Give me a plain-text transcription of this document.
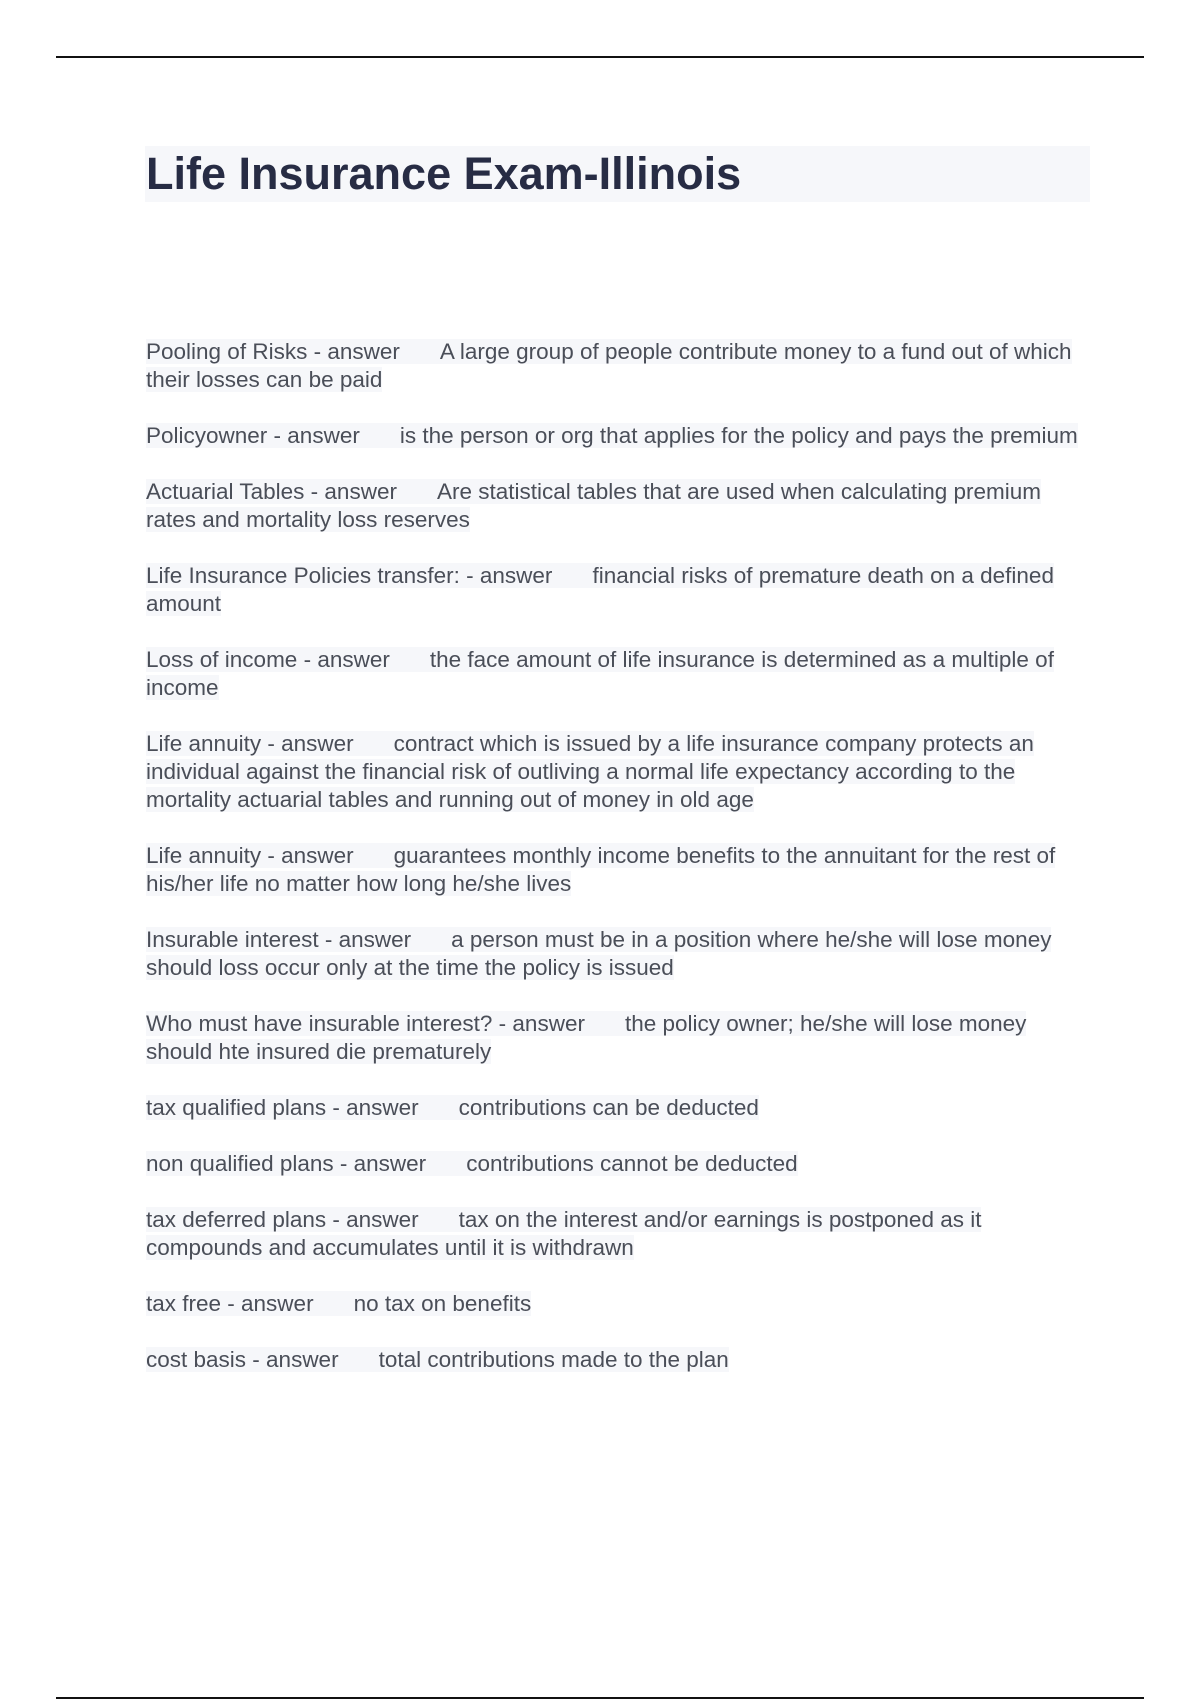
Life Insurance Exam-Illinois

Pooling of Risks - answer A large group of people contribute money to a fund out of which their losses can be paid

Policyowner - answer is the person or org that applies for the policy and pays the premium

Actuarial Tables - answer Are statistical tables that are used when calculating premium rates and mortality loss reserves

Life Insurance Policies transfer: - answer financial risks of premature death on a defined amount

Loss of income - answer the face amount of life insurance is determined as a multiple of income

Life annuity - answer contract which is issued by a life insurance company protects an individual against the financial risk of outliving a normal life expectancy according to the mortality actuarial tables and running out of money in old age

Life annuity - answer guarantees monthly income benefits to the annuitant for the rest of his/her life no matter how long he/she lives

Insurable interest - answer a person must be in a position where he/she will lose money should loss occur only at the time the policy is issued

Who must have insurable interest? - answer the policy owner; he/she will lose money should hte insured die prematurely

tax qualified plans - answer contributions can be deducted

non qualified plans - answer contributions cannot be deducted

tax deferred plans - answer tax on the interest and/or earnings is postponed as it compounds and accumulates until it is withdrawn

tax free - answer no tax on benefits

cost basis - answer total contributions made to the plan
